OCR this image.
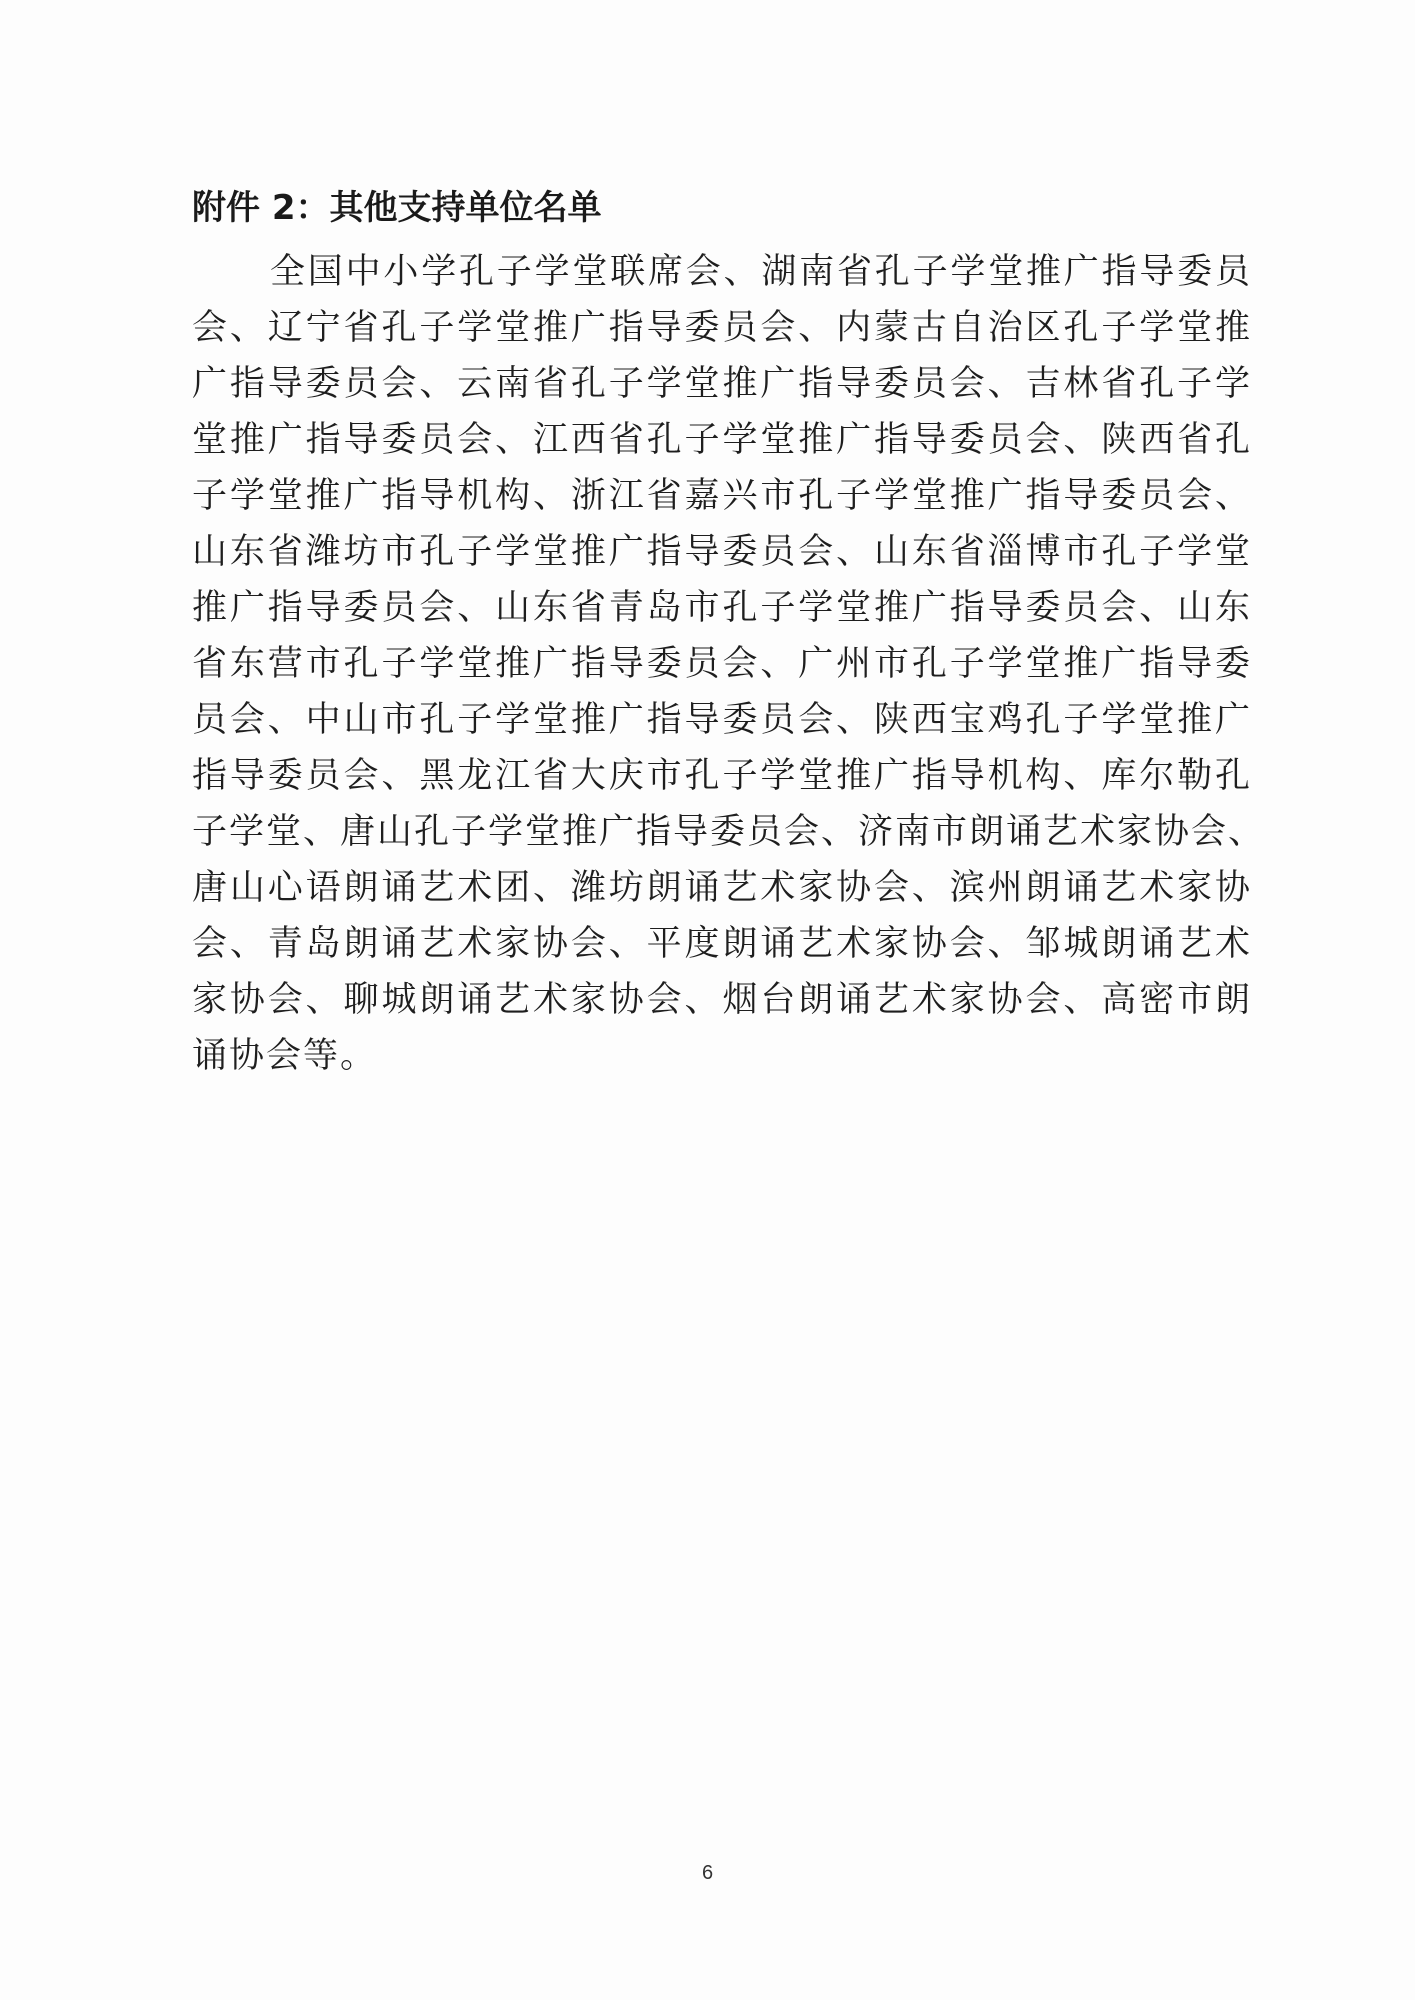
附件 2：其他支持单位名单
全国中小学孔子学堂联席会、湖南省孔子学堂推广指导委员
会、辽宁省孔子学堂推广指导委员会、内蒙古自治区孔子学堂推
广指导委员会、云南省孔子学堂推广指导委员会、吉林省孔子学
堂推广指导委员会、江西省孔子学堂推广指导委员会、陕西省孔
子学堂推广指导机构、浙江省嘉兴市孔子学堂推广指导委员会、
山东省潍坊市孔子学堂推广指导委员会、山东省淄博市孔子学堂
推广指导委员会、山东省青岛市孔子学堂推广指导委员会、山东
省东营市孔子学堂推广指导委员会、广州市孔子学堂推广指导委
员会、中山市孔子学堂推广指导委员会、陕西宝鸡孔子学堂推广
指导委员会、黑龙江省大庆市孔子学堂推广指导机构、库尔勒孔
子学堂、唐山孔子学堂推广指导委员会、济南市朗诵艺术家协会、
唐山心语朗诵艺术团、潍坊朗诵艺术家协会、滨州朗诵艺术家协
会、青岛朗诵艺术家协会、平度朗诵艺术家协会、邹城朗诵艺术
家协会、聊城朗诵艺术家协会、烟台朗诵艺术家协会、高密市朗
诵协会等。
6
